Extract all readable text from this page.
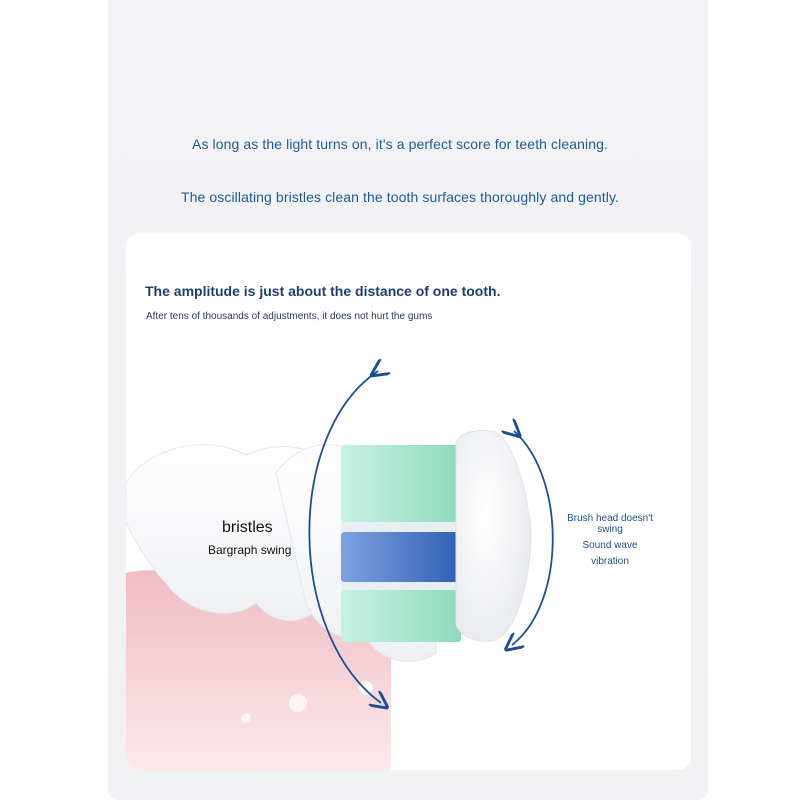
As long as the light turns on, it's a perfect score for teeth cleaning.
The oscillating bristles clean the tooth surfaces thoroughly and gently.
The amplitude is just about the distance of one tooth.
After tens of thousands of adjustments, it does not hurt the gums
bristles
Bargraph swing
Brush head doesn't swing
Sound wave vibration
